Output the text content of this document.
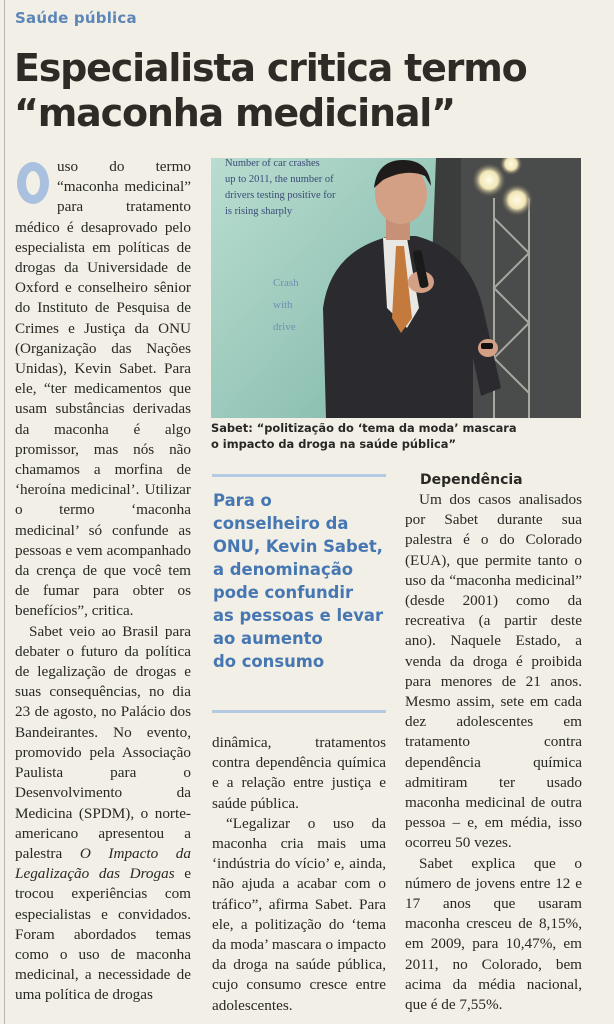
Saúde pública
Especialista critica termo
“maconha medicinal”

uso do termo “maconha medicinal” para tratamento médico é desaprovado pelo especialista em políticas de drogas da Universidade de Oxford e conselheiro sênior do Instituto de Pesquisa de Crimes e Justiça da ONU (Organização das Nações Unidas), Kevin Sabet. Para ele, “ter medicamentos que usam substâncias derivadas da maconha é algo promissor, mas nós não chamamos a morfina de ‘heroína medicinal’. Utilizar o termo ‘maconha medicinal’ só confunde as pessoas e vem acompanhado da crença de que você tem de fumar para obter os benefícios”, critica.

Sabet veio ao Brasil para debater o futuro da política de legalização de drogas e suas consequências, no dia 23 de agosto, no Palácio dos Bandeirantes. No evento, promovido pela Associação Paulista para o Desenvolvimento da Medicina (SPDM), o norte-americano apresentou a palestra O Impacto da Legalização das Drogas e trocou experiências com especialistas e convidados. Foram abordados temas como o uso de maconha medicinal, a necessidade de uma política de drogas

Number of car crashes
up to 2011, the number of
drivers testing positive for
is rising sharply
Crash
with
drive
Sabet: “politização do ‘tema da moda’ mascara
o impacto da droga na saúde pública”
Para o
conselheiro da
ONU, Kevin Sabet,
a denominação
pode confundir
as pessoas e levar
ao aumento
do consumo

dinâmica, tratamentos contra dependência química e a relação entre justiça e saúde pública.

“Legalizar o uso da maconha cria mais uma ‘indústria do vício’ e, ainda, não ajuda a acabar com o tráfico”, afirma Sabet. Para ele, a politização do ‘tema da moda’ mascara o impacto da droga na saúde pública, cujo consumo cresce entre adolescentes.

Dependência

Um dos casos analisados por Sabet durante sua palestra é o do Colorado (EUA), que permite tanto o uso da “maconha medicinal” (desde 2001) como da recreativa (a partir deste ano). Naquele Estado, a venda da droga é proibida para menores de 21 anos. Mesmo assim, sete em cada dez adolescentes em tratamento contra dependência química admitiram ter usado maconha medicinal de outra pessoa – e, em média, isso ocorreu 50 vezes.

Sabet explica que o número de jovens entre 12 e 17 anos que usaram maconha cresceu de 8,15%, em 2009, para 10,47%, em 2011, no Colorado, bem acima da média nacional, que é de 7,55%.
